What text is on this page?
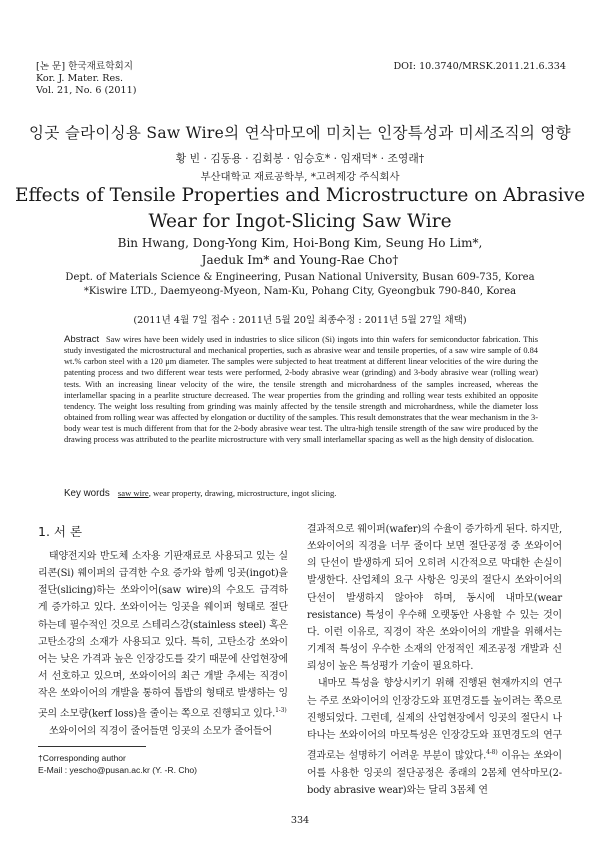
[논 문] 한국재료학회지
Kor. J. Mater. Res.
Vol. 21, No. 6 (2011)
DOI: 10.3740/MRSK.2011.21.6.334
잉곳 슬라이싱용 Saw Wire의 연삭마모에 미치는 인장특성과 미세조직의 영향
황 빈 · 김동용 · 김회봉 · 임승호* · 임재덕* · 조영래†
부산대학교 재료공학부, *고려제강 주식회사
Effects of Tensile Properties and Microstructure on Abrasive
Wear for Ingot-Slicing Saw Wire
Bin Hwang, Dong-Yong Kim, Hoi-Bong Kim, Seung Ho Lim*,
Jaeduk Im* and Young-Rae Cho†
Dept. of Materials Science & Engineering, Pusan National University, Busan 609-735, Korea
*Kiswire LTD., Daemyeong-Myeon, Nam-Ku, Pohang City, Gyeongbuk 790-840, Korea
(2011년 4월 7일 접수 : 2011년 5월 20일 최종수정 : 2011년 5월 27일 채택)
Abstract Saw wires have been widely used in industries to slice silicon (Si) ingots into thin wafers for semiconductor fabrication. This study investigated the microstructural and mechanical properties, such as abrasive wear and tensile properties, of a saw wire sample of 0.84 wt.% carbon steel with a 120 μm diameter. The samples were subjected to heat treatment at different linear velocities of the wire during the patenting process and two different wear tests were performed, 2-body abrasive wear (grinding) and 3-body abrasive wear (rolling wear) tests. With an increasing linear velocity of the wire, the tensile strength and microhardness of the samples increased, whereas the interlamellar spacing in a pearlite structure decreased. The wear properties from the grinding and rolling wear tests exhibited an opposite tendency. The weight loss resulting from grinding was mainly affected by the tensile strength and microhardness, while the diameter loss obtained from rolling wear was affected by elongation or ductility of the samples. This result demonstrates that the wear mechanism in the 3-body wear test is much different from that for the 2-body abrasive wear test. The ultra-high tensile strength of the saw wire produced by the drawing process was attributed to the pearlite microstructure with very small interlamellar spacing as well as the high density of dislocation.
Key words saw wire, wear property, drawing, microstructure, ingot slicing.
1. 서 론

태양전지와 반도체 소자용 기판재료로 사용되고 있는 실리콘(Si) 웨이퍼의 급격한 수요 증가와 함께 잉곳(ingot)을 절단(slicing)하는 쏘와이어(saw wire)의 수요도 급격하게 증가하고 있다. 쏘와이어는 잉곳을 웨이퍼 형태로 절단하는데 필수적인 것으로 스테리스강(stainless steel) 혹은 고탄소강의 소재가 사용되고 있다. 특히, 고탄소강 쏘와이어는 낮은 가격과 높은 인장강도를 갖기 때문에 산업현장에서 선호하고 있으며, 쏘와이어의 최근 개발 추세는 직경이 작은 쏘와이어의 개발을 통하여 톱밥의 형태로 발생하는 잉곳의 소모량(kerf loss)을 줄이는 쪽으로 진행되고 있다.$^{1-3)}$

쏘와이어의 직경이 줄어들면 잉곳의 소모가 줄어들어

결과적으로 웨이퍼(wafer)의 수율이 증가하게 된다. 하지만, 쏘와이어의 직경을 너무 줄이다 보면 절단공정 중 쏘와이어의 단선이 발생하게 되어 오히려 시간적으로 막대한 손실이 발생한다. 산업체의 요구 사항은 잉곳의 절단시 쏘와이어의 단선이 발생하지 않아야 하며, 동시에 내마모(wear resistance) 특성이 우수해 오랫동안 사용할 수 있는 것이다. 이런 이유로, 직경이 작은 쏘와이어의 개발을 위해서는 기계적 특성이 우수한 소재의 안정적인 제조공정 개발과 신뢰성이 높은 특성평가 기술이 필요하다.

내마모 특성을 향상시키기 위해 진행된 현재까지의 연구는 주로 쏘와이어의 인장강도와 표면경도를 높이려는 쪽으로 진행되었다. 그런데, 실제의 산업현장에서 잉곳의 절단시 나타나는 쏘와이어의 마모특성은 인장강도와 표면경도의 연구결과로는 설명하기 어려운 부분이 많았다.$^{4-8)}$ 이유는 쏘와이어를 사용한 잉곳의 절단공정은 종래의 2몸체 연삭마모(2-body abrasive wear)와는 달리 3몸체 연

†Corresponding author
E-Mail : yescho@pusan.ac.kr (Y. -R. Cho)
334
